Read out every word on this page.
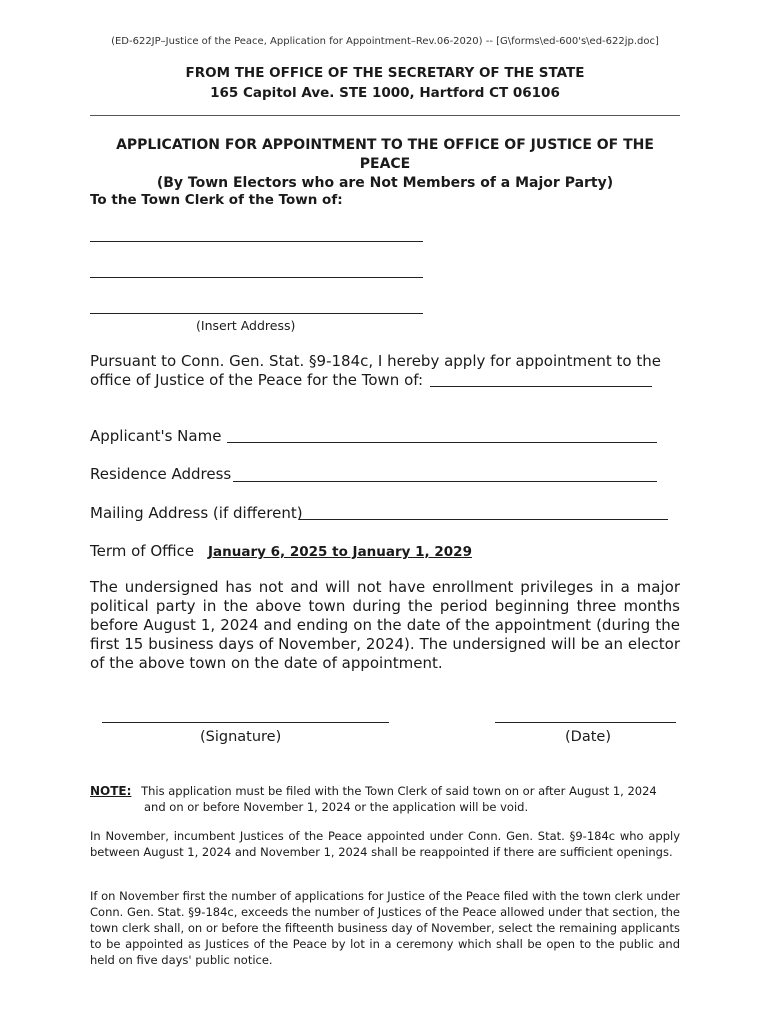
(ED-622JP–Justice of the Peace, Application for Appointment–Rev.06-2020) -- [G\forms\ed-600's\ed-622jp.doc]
FROM THE OFFICE OF THE SECRETARY OF THE STATE
165 Capitol Ave. STE 1000, Hartford CT 06106
APPLICATION FOR APPOINTMENT TO THE OFFICE OF JUSTICE OF THE PEACE
(By Town Electors who are Not Members of a Major Party)
To the Town Clerk of the Town of:
(Insert Address)
Pursuant to Conn. Gen. Stat. §9-184c, I hereby apply for appointment to the
office of Justice of the Peace for the Town of:
Applicant's Name
Residence Address
Mailing Address (if different)
Term of Office January 6, 2025 to January 1, 2029
The undersigned has not and will not have enrollment privileges in a major political party in the above town during the period beginning three months before August 1, 2024 and ending on the date of the appointment (during the first 15 business days of November, 2024). The undersigned will be an elector of the above town on the date of appointment.
(Signature)	(Date)
NOTE: This application must be filed with the Town Clerk of said town on or after August 1, 2024
and on or before November 1, 2024 or the application will be void.
In November, incumbent Justices of the Peace appointed under Conn. Gen. Stat. §9-184c who apply between August 1, 2024 and November 1, 2024 shall be reappointed if there are sufficient openings.
If on November first the number of applications for Justice of the Peace filed with the town clerk under Conn. Gen. Stat. §9-184c, exceeds the number of Justices of the Peace allowed under that section, the town clerk shall, on or before the fifteenth business day of November, select the remaining applicants to be appointed as Justices of the Peace by lot in a ceremony which shall be open to the public and held on five days' public notice.
